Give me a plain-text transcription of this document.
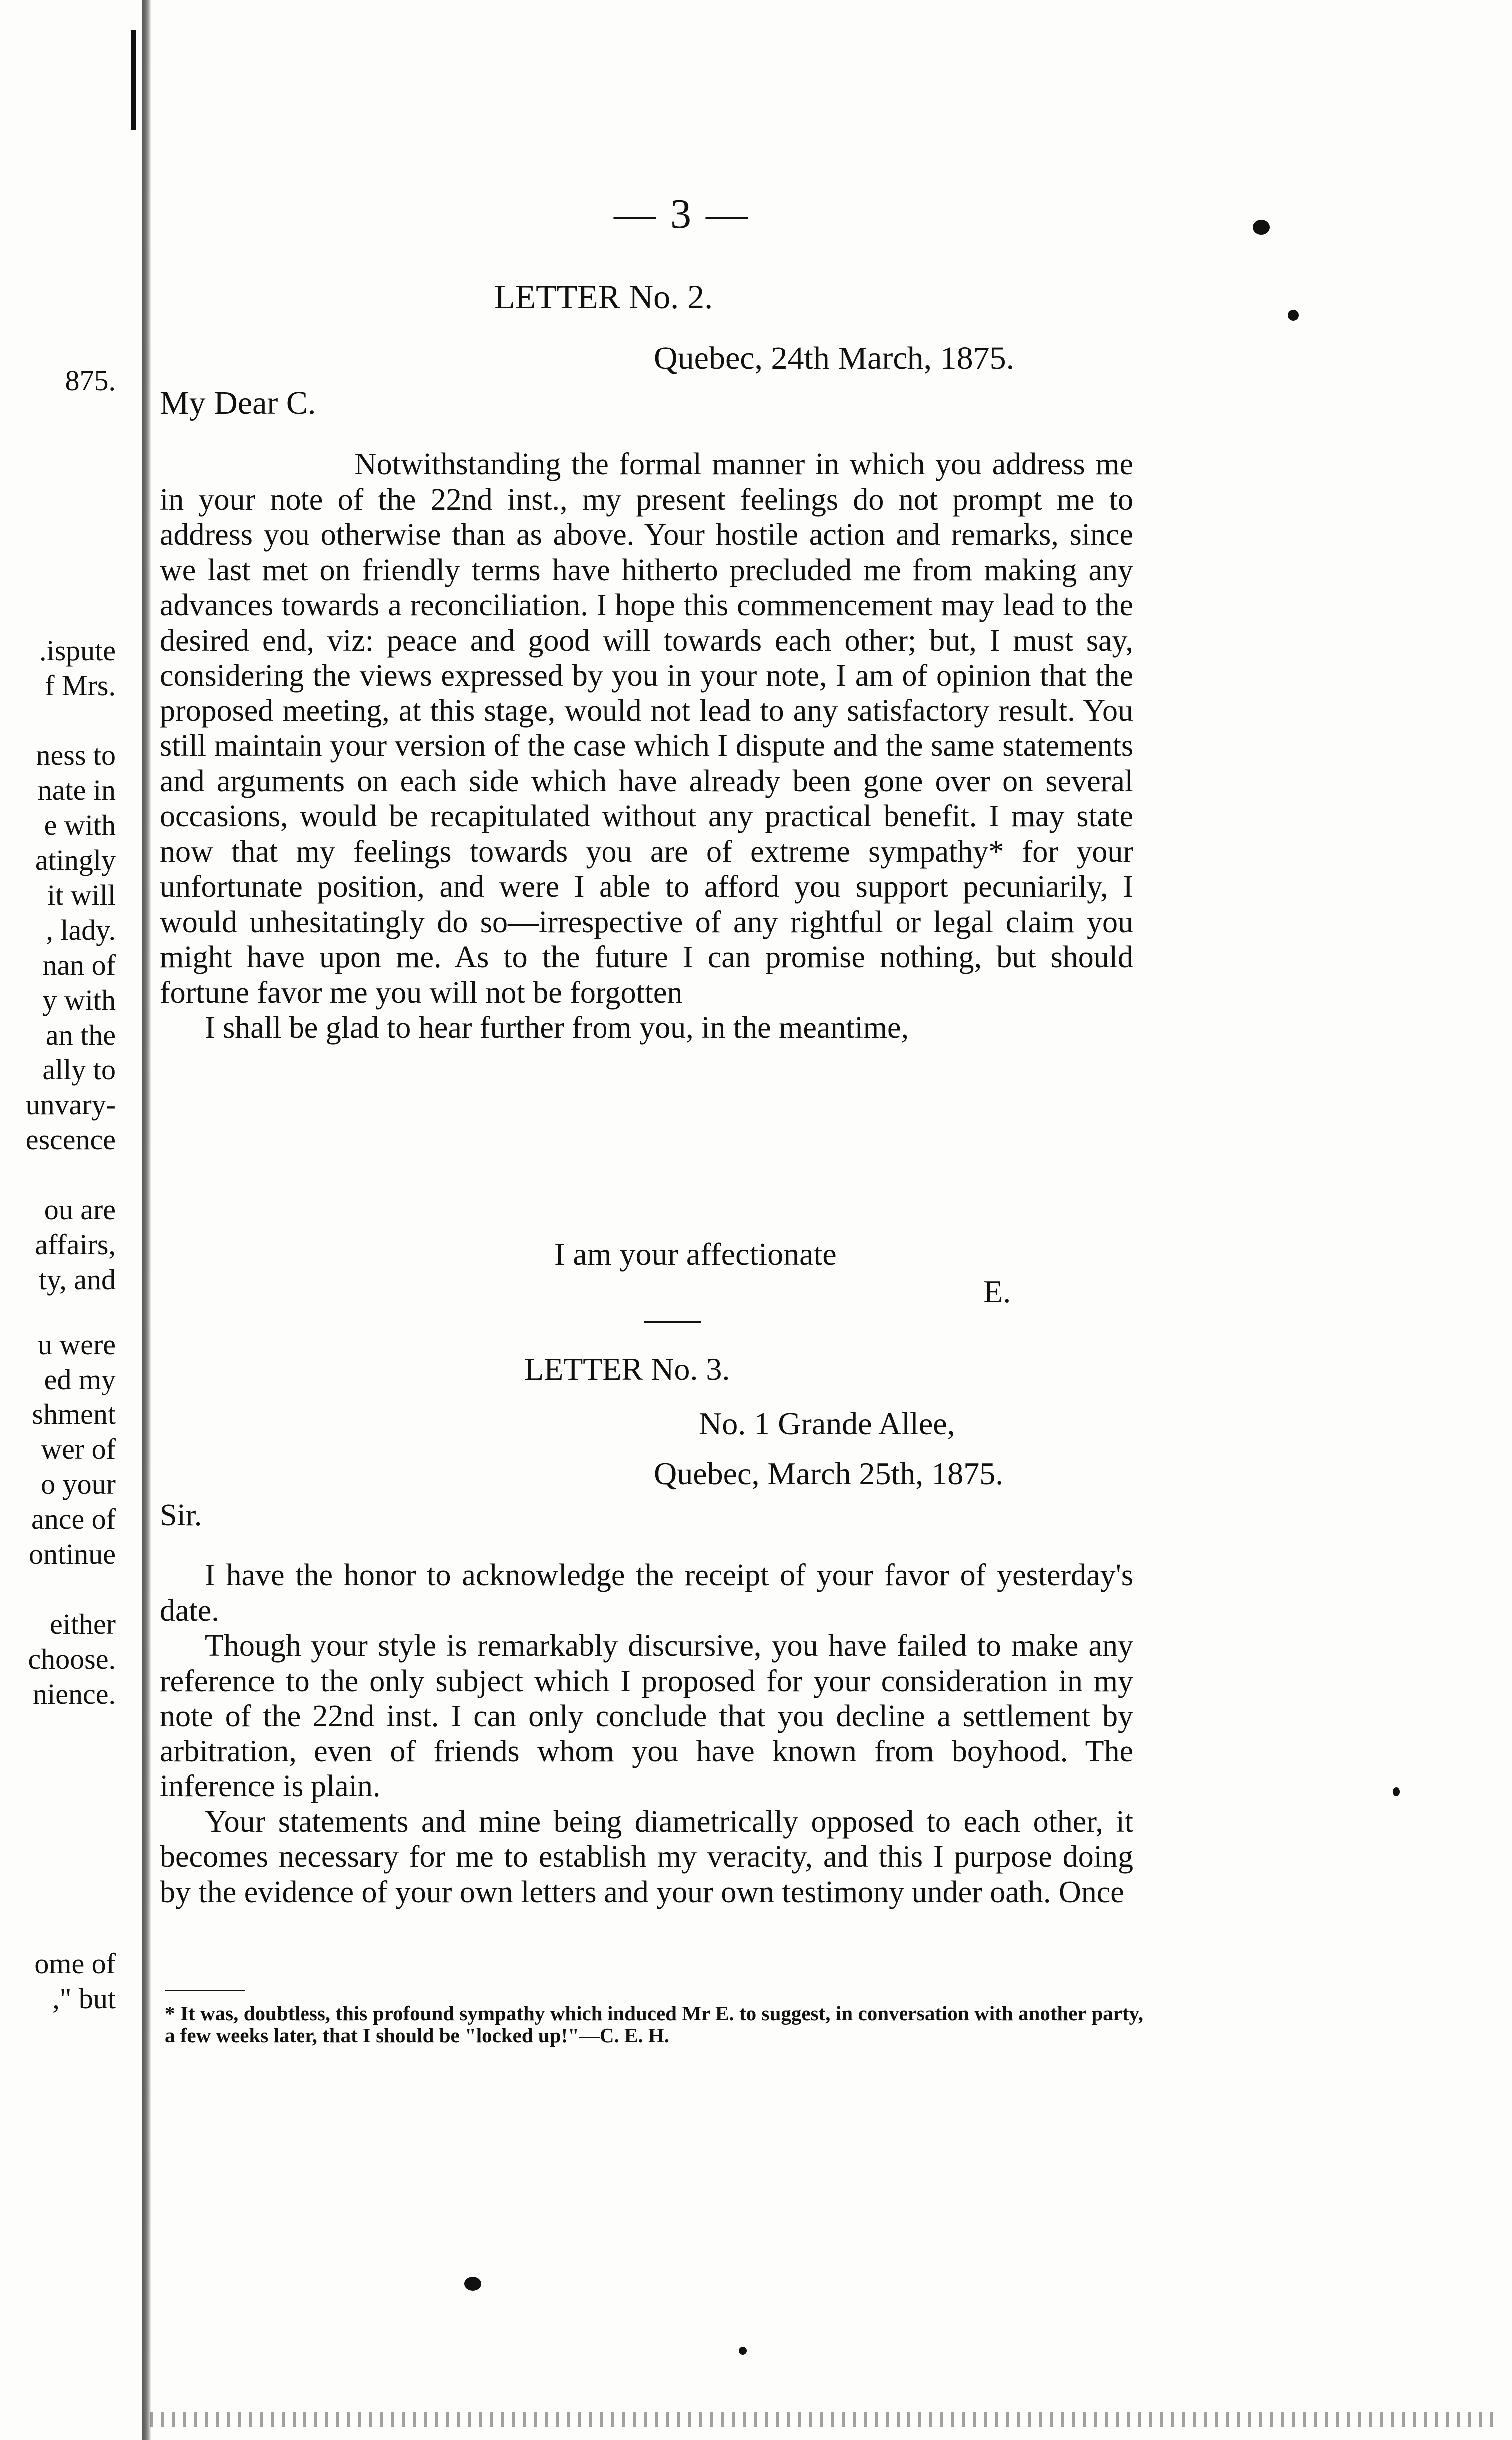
875.
.ispute
f Mrs.
ness to
nate in
e with
atingly
it will
, lady.
nan of
y with
an the
ally to
unvary-
escence
ou are
affairs,
ty, and
u were
ed my
shment
wer of
o your
ance of
ontinue
either
choose.
nience.
ome of
," but
— 3 —
LETTER No. 2.
Quebec, 24th March, 1875.
My Dear C.

Notwithstanding the formal manner in which you address me in your note of the 22nd inst., my present feelings do not prompt me to address you otherwise than as above. Your hostile action and remarks, since we last met on friendly terms have hitherto precluded me from making any advances towards a reconciliation. I hope this commencement may lead to the desired end, viz: peace and good will towards each other; but, I must say, considering the views expressed by you in your note, I am of opinion that the proposed meeting, at this stage, would not lead to any satisfactory result. You still maintain your version of the case which I dispute and the same statements and arguments on each side which have already been gone over on several occasions, would be recapitulated without any practical benefit. I may state now that my feelings towards you are of extreme sympathy* for your unfortunate position, and were I able to afford you support pecuniarily, I would unhesitatingly do so—irrespective of any rightful or legal claim you might have upon me. As to the future I can promise nothing, but should fortune favor me you will not be forgotten

I shall be glad to hear further from you, in the meantime,

I am your affectionate
E.
LETTER No. 3.
No. 1 Grande Allee,
Quebec, March 25th, 1875.
Sir.

I have the honor to acknowledge the receipt of your favor of yesterday's date.

Though your style is remarkably discursive, you have failed to make any reference to the only subject which I proposed for your consideration in my note of the 22nd inst. I can only conclude that you decline a settlement by arbitration, even of friends whom you have known from boyhood. The inference is plain.

Your statements and mine being diametrically opposed to each other, it becomes necessary for me to establish my veracity, and this I purpose doing by the evidence of your own letters and your own testimony under oath. Once

* It was, doubtless, this profound sympathy which induced Mr E. to suggest, in conversation with another party, a few weeks later, that I should be "locked up!"—C. E. H.
